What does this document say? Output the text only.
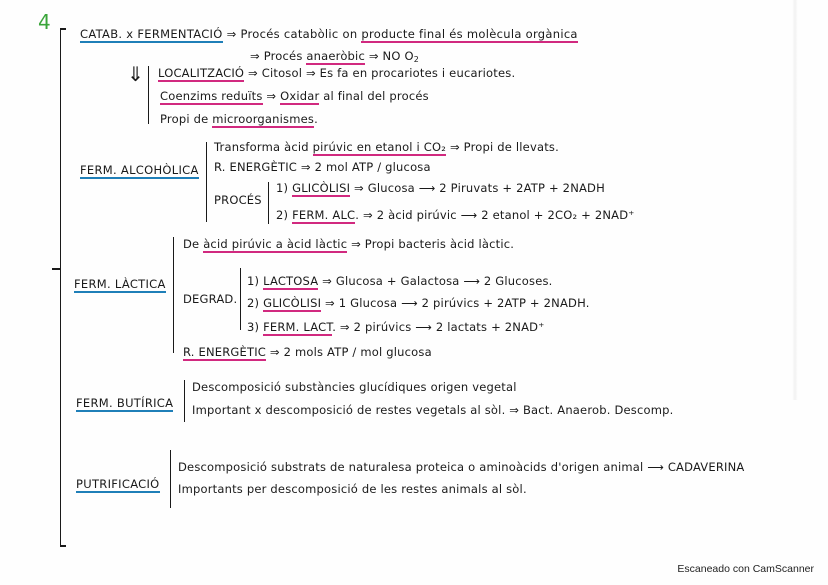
4	CATAB. x FERMENTACIÓ ⇒ Procés catabòlic on producte final és molècula orgànica
⇒ Procés anaeròbic ⇒ NO $O_2$
⇓ LOCALITZACIÓ ⇒ Citosol ⇒ Es fa en procariotes i eucariotes.
Coenzims reduïts ⇒ Oxidar al final del procés
Propi de microorganismes.
FERM. ALCOHÒLICA
Transforma àcid pirúvic en etanol i CO₂ ⇒ Propi de llevats.
R. ENERGÈTIC ⇒ 2 mol ATP / glucosa
PROCÉS
1) GLICÒLISI ⇒ Glucosa ⟶ 2 Piruvats + 2ATP + 2NADH
2) FERM. ALC. ⇒ 2 àcid pirúvic ⟶ 2 etanol + 2CO₂ + 2NAD⁺
FERM. LÀCTICA
De àcid pirúvic a àcid làctic ⇒ Propi bacteris àcid làctic.
DEGRAD.
1) LACTOSA ⇒ Glucosa + Galactosa ⟶ 2 Glucoses.
2) GLICÒLISI ⇒ 1 Glucosa ⟶ 2 pirúvics + 2ATP + 2NADH.
3) FERM. LACT. ⇒ 2 pirúvics ⟶ 2 lactats + 2NAD⁺
R. ENERGÈTIC ⇒ 2 mols ATP / mol glucosa
FERM. BUTÍRICA
Descomposició substàncies glucídiques origen vegetal
Important x descomposició de restes vegetals al sòl. ⇒ Bact. Anaerob. Descomp.
PUTRIFICACIÓ
Descomposició substrats de naturalesa proteica o aminoàcids d'origen animal ⟶ CADAVERINA
Importants per descomposició de les restes animals al sòl.
Escaneado con CamScanner
